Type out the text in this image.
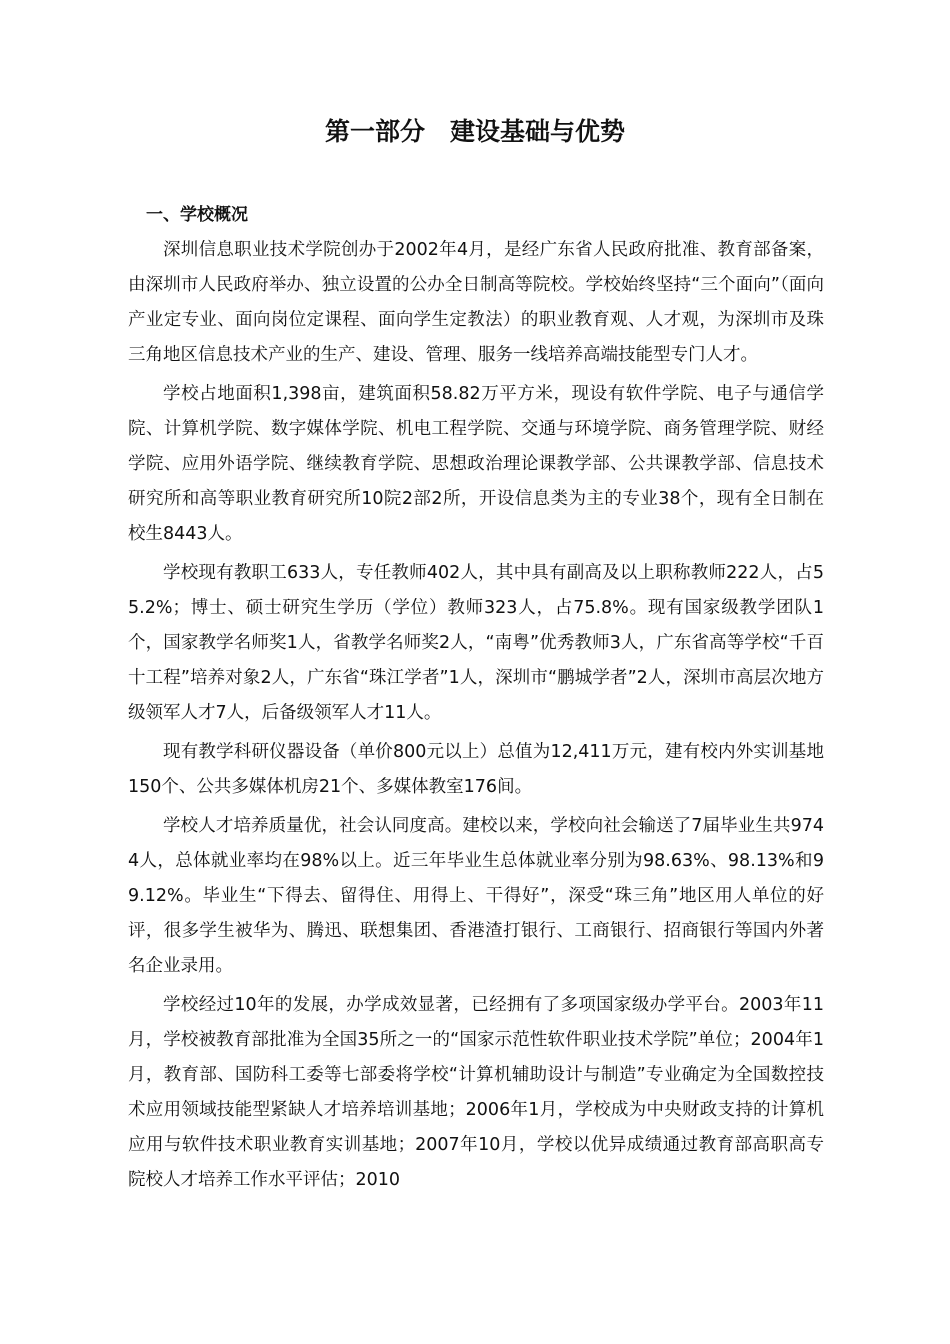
第一部分　建设基础与优势
一、学校概况

深圳信息职业技术学院创办于2002年4月，是经广东省人民政府批准、教育部备案，由深圳市人民政府举办、独立设置的公办全日制高等院校。学校始终坚持“三个面向”（面向产业定专业、面向岗位定课程、面向学生定教法）的职业教育观、人才观，为深圳市及珠三角地区信息技术产业的生产、建设、管理、服务一线培养高端技能型专门人才。

学校占地面积1,398亩，建筑面积58.82万平方米，现设有软件学院、电子与通信学院、计算机学院、数字媒体学院、机电工程学院、交通与环境学院、商务管理学院、财经学院、应用外语学院、继续教育学院、思想政治理论课教学部、公共课教学部、信息技术研究所和高等职业教育研究所10院2部2所，开设信息类为主的专业38个，现有全日制在校生8443人。

学校现有教职工633人，专任教师402人，其中具有副高及以上职称教师222人，占55.2%；博士、硕士研究生学历（学位）教师323人，占75.8%。现有国家级教学团队1个，国家教学名师奖1人，省教学名师奖2人，“南粤”优秀教师3人，广东省高等学校“千百十工程”培养对象2人，广东省“珠江学者”1人，深圳市“鹏城学者”2人，深圳市高层次地方级领军人才7人，后备级领军人才11人。

现有教学科研仪器设备（单价800元以上）总值为12,411万元，建有校内外实训基地150个、公共多媒体机房21个、多媒体教室176间。

学校人才培养质量优，社会认同度高。建校以来，学校向社会输送了7届毕业生共9744人，总体就业率均在98%以上。近三年毕业生总体就业率分别为98.63%、98.13%和99.12%。毕业生“下得去、留得住、用得上、干得好”，深受“珠三角”地区用人单位的好评，很多学生被华为、腾迅、联想集团、香港渣打银行、工商银行、招商银行等国内外著名企业录用。

学校经过10年的发展，办学成效显著，已经拥有了多项国家级办学平台。2003年11月，学校被教育部批准为全国35所之一的“国家示范性软件职业技术学院”单位；2004年1月，教育部、国防科工委等七部委将学校“计算机辅助设计与制造”专业确定为全国数控技术应用领域技能型紧缺人才培养培训基地；2006年1月，学校成为中央财政支持的计算机应用与软件技术职业教育实训基地；2007年10月，学校以优异成绩通过教育部高职高专院校人才培养工作水平评估；2010
